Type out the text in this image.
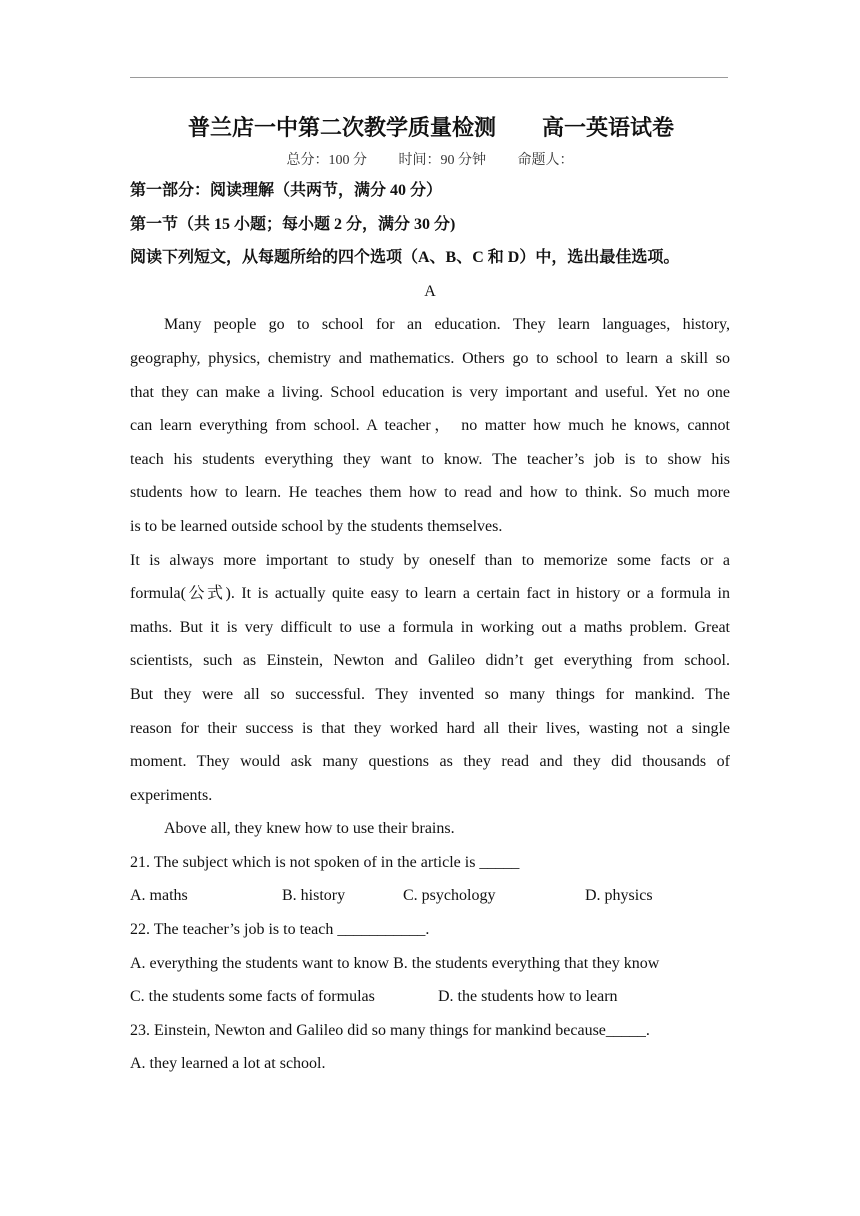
普兰店一中第二次教学质量检测 高一英语试卷
总分：100 分 时间：90 分钟 命题人：
第一部分：阅读理解（共两节，满分 40 分）
第一节（共 15 小题；每小题 2 分，满分 30 分)
阅读下列短文，从每题所给的四个选项（A、B、C 和 D）中，选出最佳选项。
A
Many people go to school for an education. They learn languages, history,
geography, physics, chemistry and mathematics. Others go to school to learn a skill so
that they can make a living. School education is very important and useful. Yet no one
can learn everything from school. A teacher， no matter how much he knows, cannot
teach his students everything they want to know. The teacher’s job is to show his
students how to learn. He teaches them how to read and how to think. So much more
is to be learned outside school by the students themselves.
It is always more important to study by oneself than to memorize some facts or a
formula(公式). It is actually quite easy to learn a certain fact in history or a formula in
maths. But it is very difficult to use a formula in working out a maths problem. Great
scientists, such as Einstein, Newton and Galileo didn’t get everything from school.
But they were all so successful. They invented so many things for mankind. The
reason for their success is that they worked hard all their lives, wasting not a single
moment. They would ask many questions as they read and they did thousands of
experiments.
Above all, they knew how to use their brains.
21. The subject which is not spoken of in the article is _____
A. maths	B. history	C. psychology	D. physics
22. The teacher’s job is to teach ___________.
A. everything the students want to know B. the students everything that they know
C. the students some facts of formulas	D. the students how to learn
23. Einstein, Newton and Galileo did so many things for mankind because_____.
A. they learned a lot at school.
